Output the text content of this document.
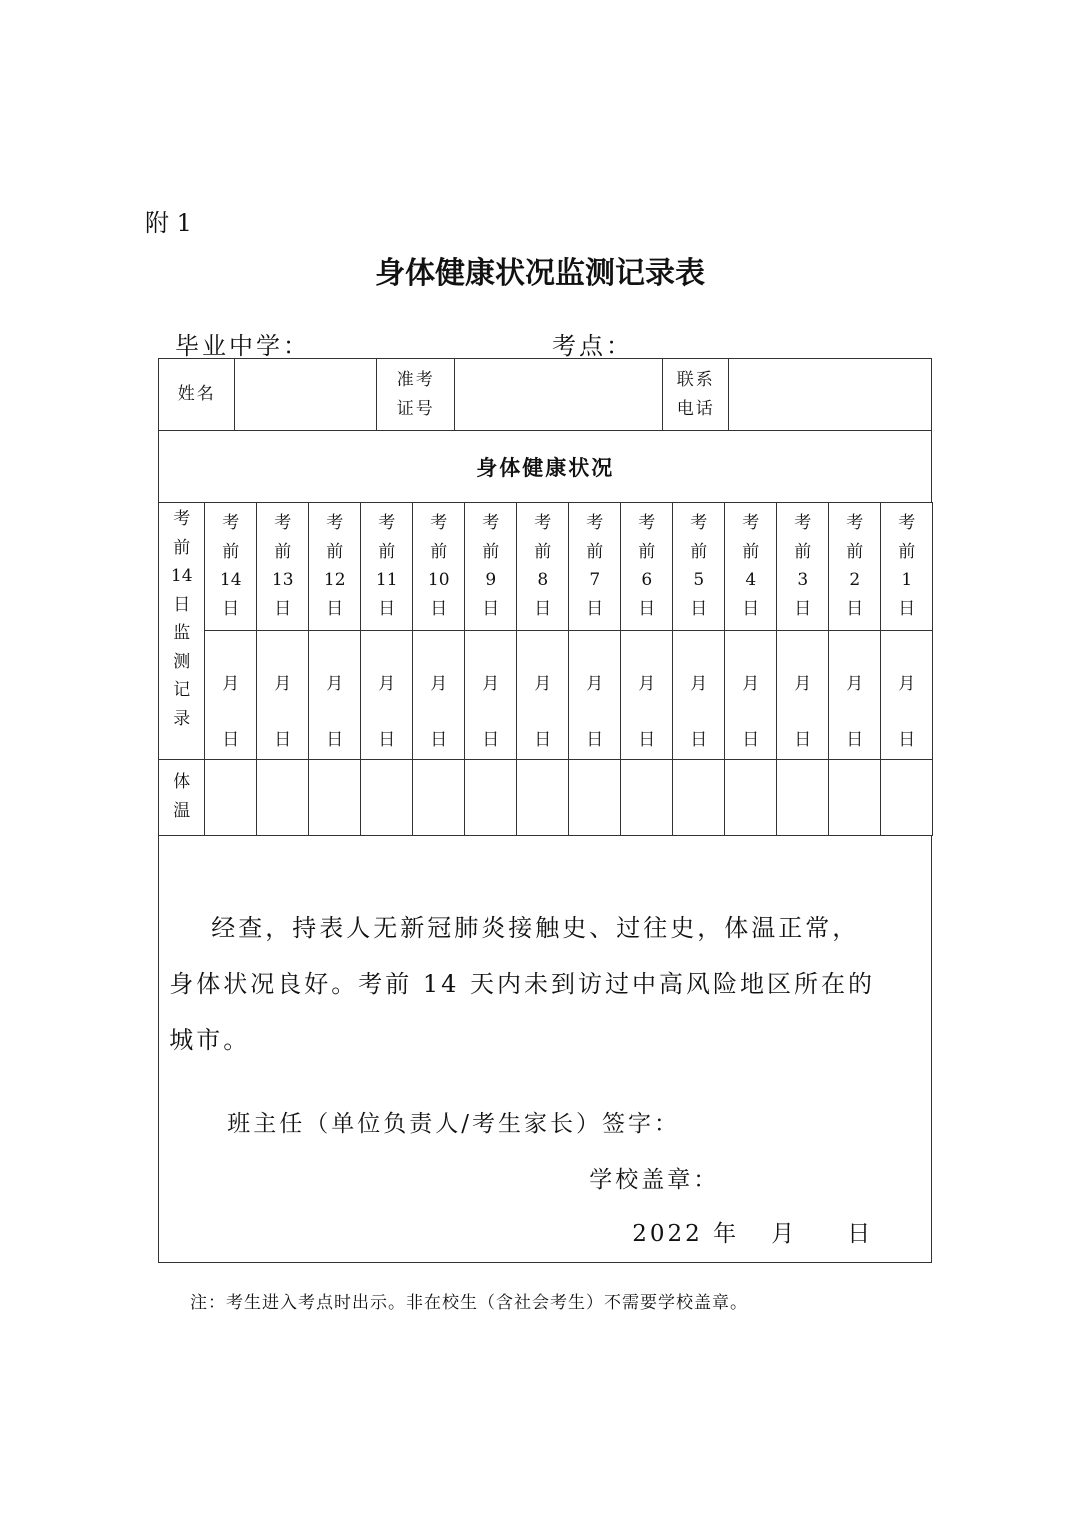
附 1
身体健康状况监测记录表
毕业中学：	考点：
姓名
准考
证号
联系
电话
身体健康状况
考
前
14
日
监
测
记
录
体
温
考
前
14
日
月
日
考
前
13
日
月
日
考
前
12
日
月
日
考
前
11
日
月
日
考
前
10
日
月
日
考
前
9
日
月
日
考
前
8
日
月
日
考
前
7
日
月
日
考
前
6
日
月
日
考
前
5
日
月
日
考
前
4
日
月
日
考
前
3
日
月
日
考
前
2
日
月
日
考
前
1
日
月
日
经查，持表人无新冠肺炎接触史、过往史，体温正常，
身体状况良好。考前 14 天内未到访过中高风险地区所在的
城市。
班主任（单位负责人/考生家长）签字：
学校盖章：
2022 年 月 日
注：考生进入考点时出示。非在校生（含社会考生）不需要学校盖章。
